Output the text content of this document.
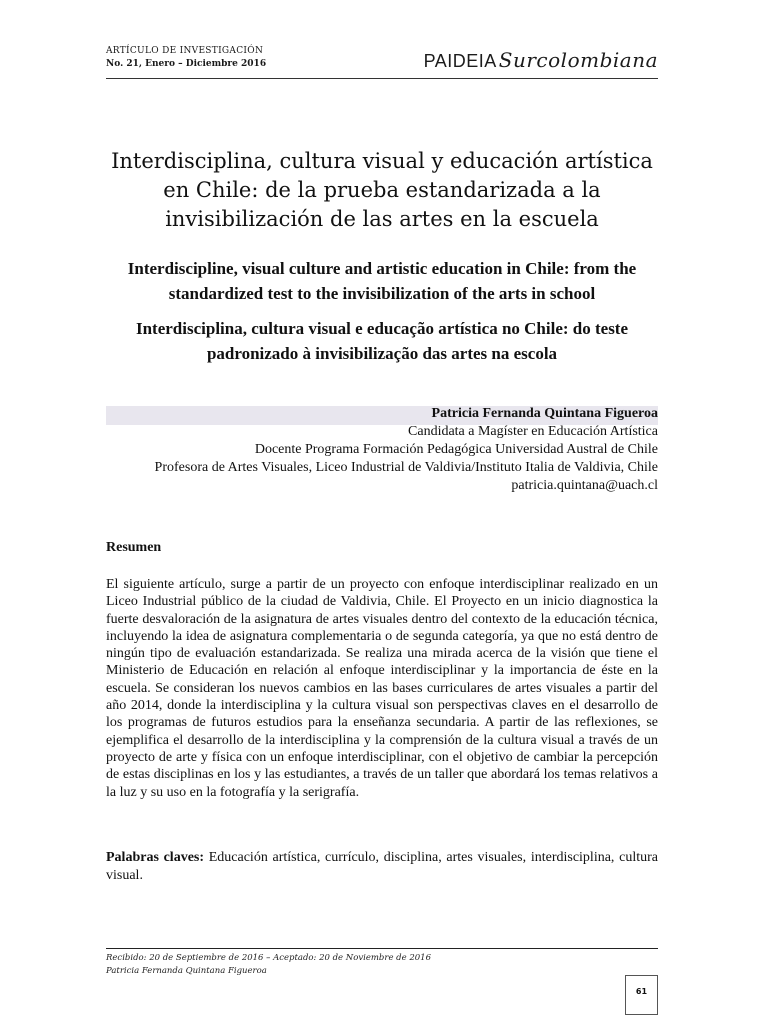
ARTÍCULO DE INVESTIGACIÓN
No. 21, Enero – Diciembre 2016	PAIDEIA Surcolombiana
Interdisciplina, cultura visual y educación artística en Chile: de la prueba estandarizada a la invisibilización de las artes en la escuela
Interdiscipline, visual culture and artistic education in Chile: from the standardized test to the invisibilization of the arts in school
Interdisciplina, cultura visual e educação artística no Chile: do teste padronizado à invisibilização das artes na escola
Patricia Fernanda Quintana Figueroa
Candidata a Magíster en Educación Artística
Docente Programa Formación Pedagógica Universidad Austral de Chile
Profesora de Artes Visuales, Liceo Industrial de Valdivia/Instituto Italia de Valdivia, Chile
patricia.quintana@uach.cl
Resumen

El siguiente artículo, surge a partir de un proyecto con enfoque interdisciplinar realizado en un Liceo Industrial público de la ciudad de Valdivia, Chile. El Proyecto en un inicio diagnostica la fuerte desvaloración de la asignatura de artes visuales dentro del contexto de la educación técnica, incluyendo la idea de asignatura complementaria o de segunda categoría, ya que no está dentro de ningún tipo de evaluación estandarizada. Se realiza una mirada acerca de la visión que tiene el Ministerio de Educación en relación al enfoque interdisciplinar y la importancia de éste en la escuela. Se consideran los nuevos cambios en las bases curriculares de artes visuales a partir del año 2014, donde la interdisciplina y la cultura visual son perspectivas claves en el desarrollo de los programas de futuros estudios para la enseñanza secundaria. A partir de las reflexiones, se ejemplifica el desarrollo de la interdisciplina y la comprensión de la cultura visual a través de un proyecto de arte y física con un enfoque interdisciplinar, con el objetivo de cambiar la percepción de estas disciplinas en los y las estudiantes, a través de un taller que abordará los temas relativos a la luz y su uso en la fotografía y la serigrafía.

Palabras claves: Educación artística, currículo, disciplina, artes visuales, interdisciplina, cultura visual.

Recibido: 20 de Septiembre de 2016 – Aceptado: 20 de Noviembre de 2016
Patricia Fernanda Quintana Figueroa
61
